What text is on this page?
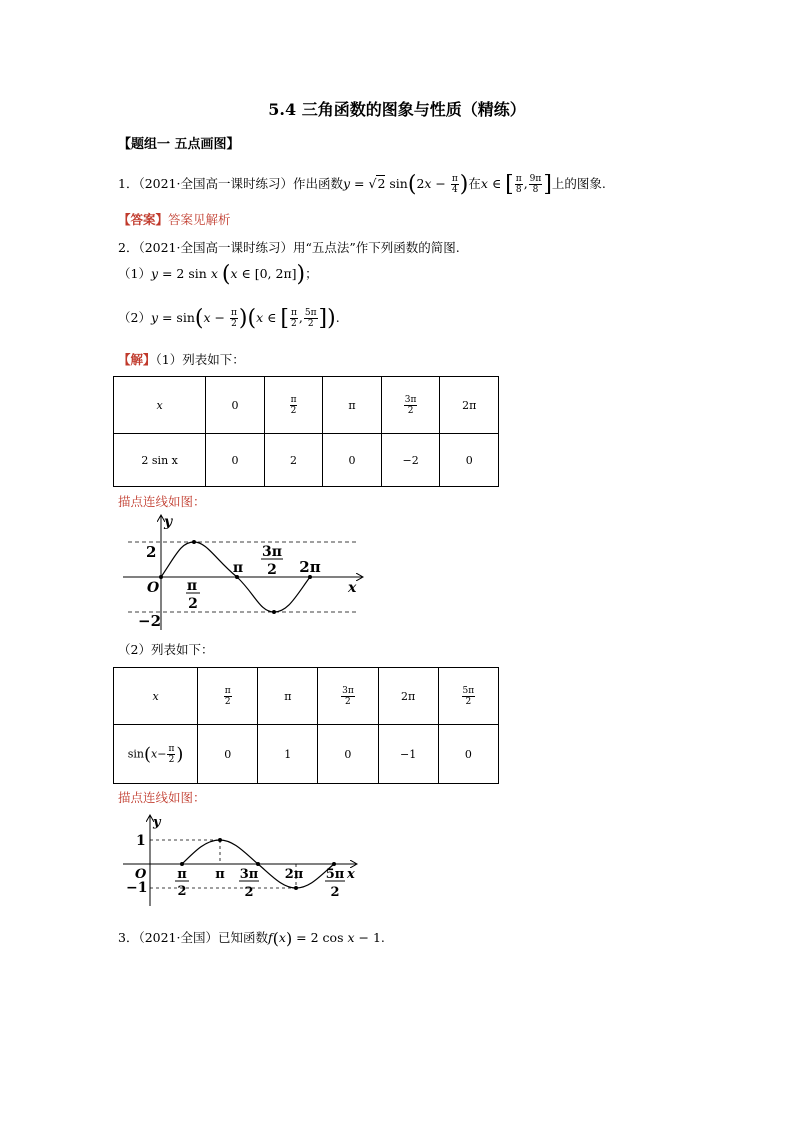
5.4 三角函数的图象与性质（精练）
【题组一 五点画图】
1．（2021·全国高一课时练习）作出函数y = √2 $\sin(2x - \frac{\pi}{4}$ )在x ∈ [ $\frac{\pi}{8}$ , $\frac{9\pi}{8}$ ]上的图象.
【答案】答案见解析
2．（2021·全国高一课时练习）用“五点法”作下列函数的简图.
（1）y = 2 sin x (x ∈ [0, 2π])；
$(2)y = \sin(x - \frac{\pi}{2} )(x$ ∈ [ $\frac{\pi}{2}$ , $\frac{5\pi}{2}$ ]).
【解】（1）列表如下：
x	0	$\frac{\pi}{2}$	π	$\frac{3\pi}{2}$	2π
2 sin x	0	2	0	−2	0
描点连线如图：
y
x
O
2
−2
π
2
π
3π
2 2π
（2）列表如下：
x	$\frac{\pi}{2}$	π	$\frac{3\pi}{2}$	2π	$\frac{5\pi}{2}$

$\sin(x- \frac{\pi}{2}$ )	0	1	0	−1	0
描点连线如图：
y
x
O
1
−1
π
2
π 3π
2
2π 5π
2
3．（2021·全国）已知函数f(x) = 2 cos x − 1.
